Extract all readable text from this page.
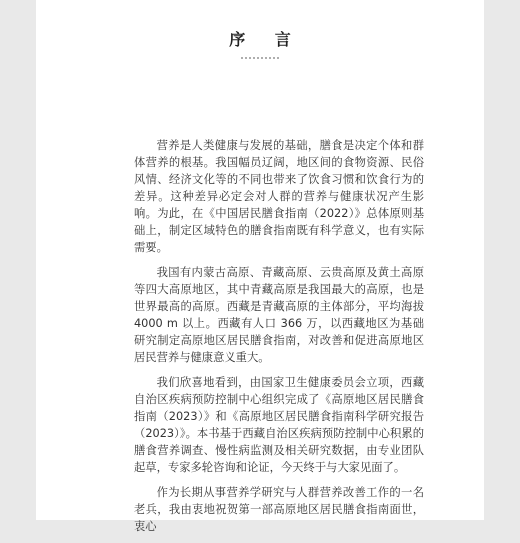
序 言

营养是人类健康与发展的基础，膳食是决定个体和群体营养的根基。我国幅员辽阔，地区间的食物资源、民俗风情、经济文化等的不同也带来了饮食习惯和饮食行为的差异。这种差异必定会对人群的营养与健康状况产生影响。为此，在《中国居民膳食指南（2022）》总体原则基础上，制定区域特色的膳食指南既有科学意义，也有实际需要。

我国有内蒙古高原、青藏高原、云贵高原及黄土高原等四大高原地区，其中青藏高原是我国最大的高原，也是世界最高的高原。西藏是青藏高原的主体部分，平均海拔 4000 m 以上。西藏有人口 366 万，以西藏地区为基础研究制定高原地区居民膳食指南，对改善和促进高原地区居民营养与健康意义重大。

我们欣喜地看到，由国家卫生健康委员会立项，西藏自治区疾病预防控制中心组织完成了《高原地区居民膳食指南（2023）》和《高原地区居民膳食指南科学研究报告（2023）》。本书基于西藏自治区疾病预防控制中心积累的膳食营养调查、慢性病监测及相关研究数据，由专业团队起草，专家多轮咨询和论证，今天终于与大家见面了。

作为长期从事营养学研究与人群营养改善工作的一名老兵，我由衷地祝贺第一部高原地区居民膳食指南面世，衷心
